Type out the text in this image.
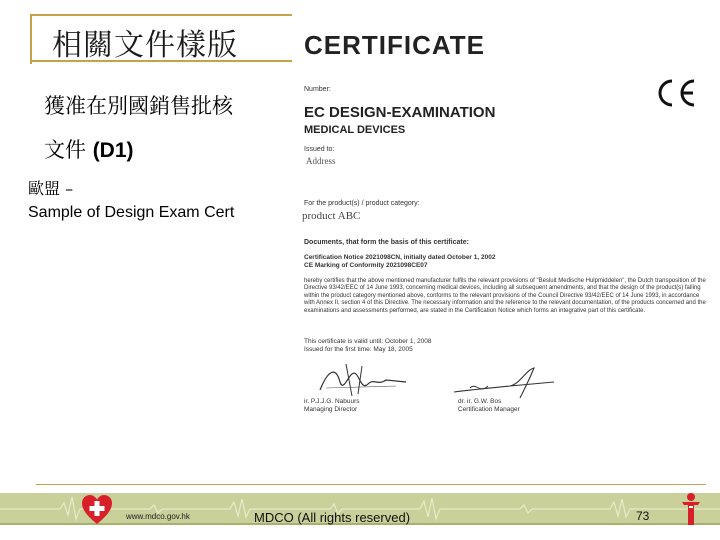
相關文件樣版
獲准在別國銷售批核
文件 (D1)
歐盟 –
Sample of Design Exam Cert
CERTIFICATE
Number:
EC DESIGN-EXAMINATION
MEDICAL DEVICES
Issued to:
Address
For the product(s) / product category:
product ABC
Documents, that form the basis of this certificate:
Certification Notice 2021098CN, initially dated October 1, 2002
CE Marking of Conformity 2021098CE07
hereby certifies that the above mentioned manufacturer fulfils the relevant provisions of "Besluit Medische Hulpmiddelen", the Dutch transposition of the Directive 93/42/EEC of 14 June 1993, concerning medical devices, including all subsequent amendments, and that the design of the product(s) falling within the product category mentioned above, conforms to the relevant provisions of the Council Directive 93/42/EEC of 14 June 1993, in accordance with Annex II, section 4 of this Directive. The necessary information and the reference to the relevant documentation, of the products concerned and the examinations and assessments performed, are stated in the Certification Notice which forms an integrative part of this certificate.
This certificate is valid until: October 1, 2008
Issued for the first time: May 18, 2005
ir. P.J.J.G. Nabuurs
Managing Director
dr. ir. G.W. Bos
Certification Manager
www.mdco.gov.hk	MDCO (All rights reserved)	73
